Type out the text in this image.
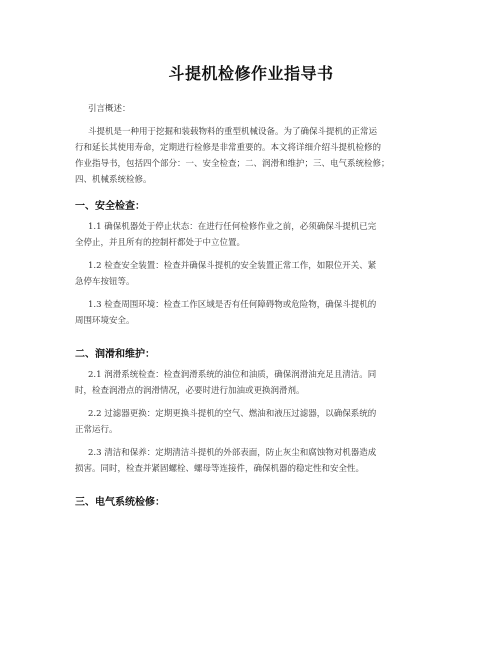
斗提机检修作业指导书
引言概述：
斗提机是一种用于挖掘和装载物料的重型机械设备。为了确保斗提机的正常运
行和延长其使用寿命，定期进行检修是非常重要的。本文将详细介绍斗提机检修的
作业指导书，包括四个部分：一、安全检查；二、润滑和维护；三、电气系统检修；
四、机械系统检修。
一、安全检查：
1.1 确保机器处于停止状态：在进行任何检修作业之前，必须确保斗提机已完
全停止，并且所有的控制杆都处于中立位置。
1.2 检查安全装置：检查并确保斗提机的安全装置正常工作，如限位开关、紧
急停车按钮等。
1.3 检查周围环境：检查工作区域是否有任何障碍物或危险物，确保斗提机的
周围环境安全。
二、润滑和维护：
2.1 润滑系统检查：检查润滑系统的油位和油质，确保润滑油充足且清洁。同
时，检查润滑点的润滑情况，必要时进行加油或更换润滑剂。
2.2 过滤器更换：定期更换斗提机的空气、燃油和液压过滤器，以确保系统的
正常运行。
2.3 清洁和保养：定期清洁斗提机的外部表面，防止灰尘和腐蚀物对机器造成
损害。同时，检查并紧固螺栓、螺母等连接件，确保机器的稳定性和安全性。
三、电气系统检修：
